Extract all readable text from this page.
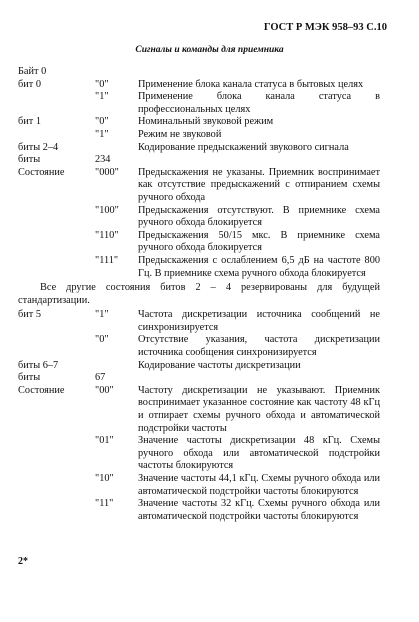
ГОСТ Р МЭК 958–93 С.10
Сигналы и команды для приемника
Байт 0
бит 0	"0"	Применение блока канала статуса в бытовых целях
"1"	Применение блока канала статуса в профессиональных целях
бит 1	"0"	Номинальный звуковой режим
"1"	Режим не звуковой
биты 2–4	Кодирование предыскажений звукового сигнала
биты	234
Состояние	"000" Предыскажения не указаны. Приемник воспринимает как отсутствие предыскажений с отпиранием схемы ручного обхода
"100" Предыскажения отсутствуют. В приемнике схема ручного обхода блокируется
"110" Предыскажения 50/15 мкс. В приемнике схема ручного обхода блокируется
"111" Предыскажения с ослаблением 6,5 дБ на частоте 800 Гц. В приемнике схема ручного обхода блокируется
Все другие состояния битов 2 – 4 резервированы для будущей стандартизации.
бит 5	"1"	Частота дискретизации источника сообщений не синхронизируется
"0"	Отсутствие указания, частота дискретизации источника сообщения синхронизируется
биты 6–7	Кодирование частоты дискретизации
биты	67
Состояние	"00" Частоту дискретизации не указывают. Приемник воспринимает указанное состояние как частоту 48 кГц и отпирает схемы ручного обхода и автоматической подстройки частоты
"01" Значение частоты дискретизации 48 кГц. Схемы ручного обхода или автоматической подстройки частоты блокируются
"10" Значение частоты 44,1 кГц. Схемы ручного обхода или автоматической подстройки частоты блокируются
"11" Значение частоты 32 кГц. Схемы ручного обхода или автоматической подстройки частоты блокируются
2*
